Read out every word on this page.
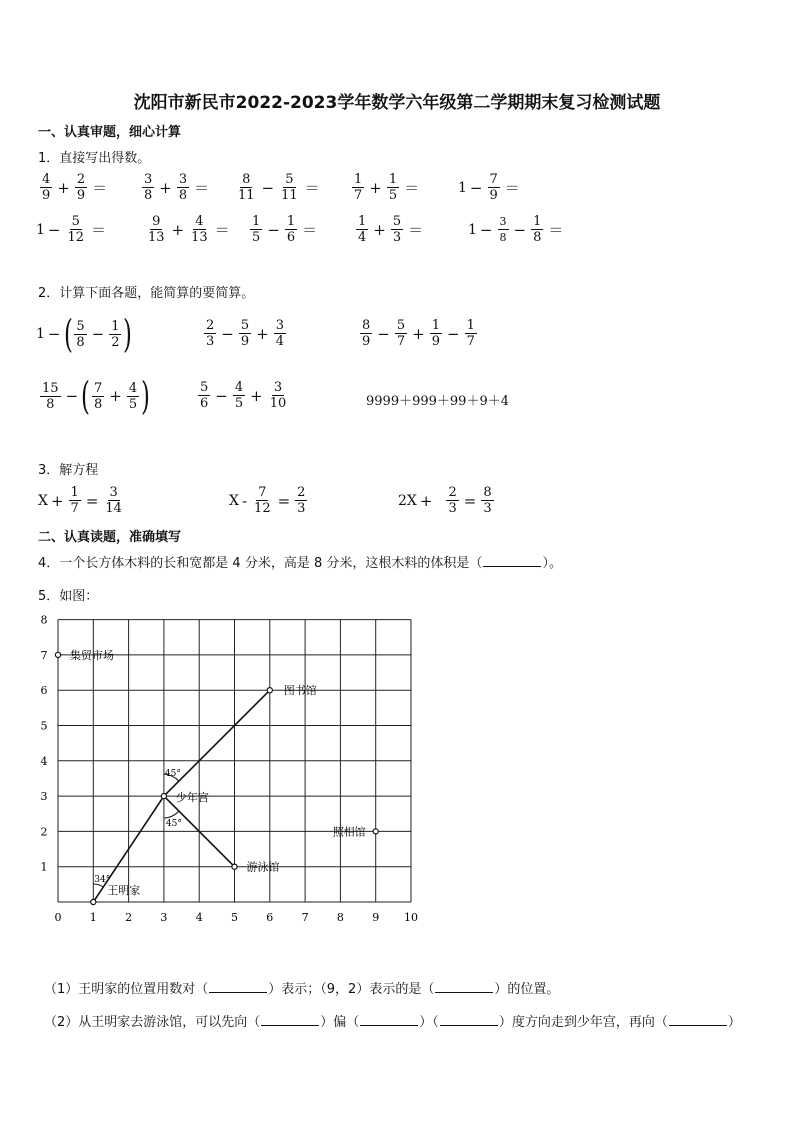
沈阳市新民市2022-2023学年数学六年级第二学期期末复习检测试题
一、认真审题，细心计算
1．直接写出得数。
$\frac{4}{9} + \frac{2}{9}$ ＝	$\frac{3}{8} + \frac{3}{8} = \frac{8}{11} - \frac{5}{11} = \frac{1}{7} + \frac{1}{5}$ ＝	$1 - \frac{7}{9}$ ＝
$1 - \frac{5}{12}$ ＝	$\frac{9}{13} + \frac{4}{13} = \frac{1}{5} - \frac{1}{6}$ ＝	$\frac{1}{4} + \frac{5}{3}$ ＝	$1 - \frac{3}{8} - \frac{1}{8}$ ＝
2．计算下面各题，能简算的要简算。
1 − ( $\frac{5}{8} - \frac{1}{2}$ )	$\frac{2}{3} - \frac{5}{9} + \frac{3}{4}$	$\frac{8}{9} - \frac{5}{7} + \frac{1}{9} - \frac{1}{7}$
$\frac{15}{8}$ − ( $\frac{7}{8} + \frac{4}{5}$ )	$\frac{5}{6} - \frac{4}{5} + \frac{3}{10}$	9999＋999＋99＋9＋4
3．解方程
$X + \frac{1}{7} = \frac{3}{14}$	$X - \frac{7}{12} = \frac{2}{3}$	$2X + \frac{2}{3} = \frac{8}{3}$
二、认真读题，准确填写
4．一个长方体木料的长和宽都是 4 分米，高是 8 分米，这根木料的体积是（	）。
5．如图：
0	1	2	3	4	5	6	7	8	9 10
1
2
3
4
5
6
7
8
34°
45°
45°
集贸市场
图书馆
少年宫
照相馆
游泳馆
王明家
（1）王明家的位置用数对（	）表示；（9，2）表示的是（	）的位置。
（2）从王明家去游泳馆，可以先向（	）偏（	）（	）度方向走到少年宫，再向（	）
